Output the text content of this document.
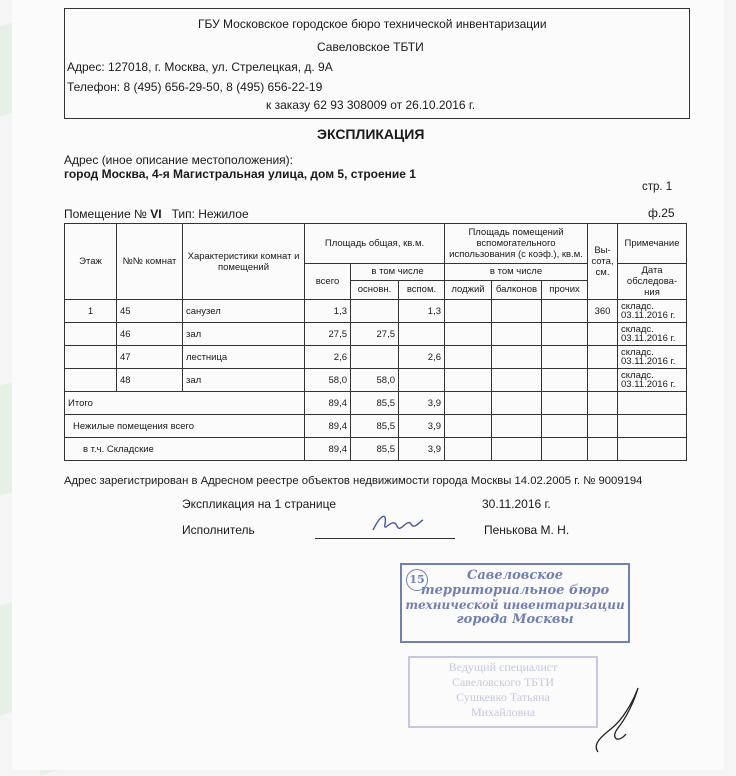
ГБУ Московское городское бюро технической инвентаризации
Савеловское ТБТИ
Адрес: 127018, г. Москва, ул. Стрелецкая, д. 9А
Телефон: 8 (495) 656-29-50, 8 (495) 656-22-19
к заказу 62 93 308009 от 26.10.2016 г.
ЭКСПЛИКАЦИЯ
Адрес (иное описание местоположения):
город Москва, 4-я Магистральная улица, дом 5, строение 1
стр. 1
Помещение № VI Тип: Нежилое	ф.25
Этаж	№№ комнат	Характеристики комнат и помещений	Площадь общая, кв.м.			Площадь помещений вспомогательного использования (с коэф.), кв.м.			Вы-сота, см.	Примечание
			всего	в том числе		в том числе				Дата обследова-ния
				основн.	вспом.	лоджий	балконов	прочих		
1	45	санузел	1,3		1,3				360	складс. 03.11.2016 г.
	46	зал	27,5	27,5						складс. 03.11.2016 г.
	47	лестница	2,6		2,6					складс. 03.11.2016 г.
	48	зал	58,0	58,0						складс. 03.11.2016 г.
Итого			89,4	85,5	3,9					
Нежилые помещения всего			89,4	85,5	3,9					
в т.ч. Складские			89,4	85,5	3,9					
Адрес зарегистрирован в Адресном реестре объектов недвижимости города Москвы 14.02.2005 г. № 9009194
Экспликация на 1 странице	30.11.2016 г.
Исполнитель	Пенькова М. Н.
15	Савеловское
территориальное бюро
технической инвентаризации
города Москвы
Ведущий специалист
Савеловского ТБТИ
Сушкевко Татьяна
Михайловна
